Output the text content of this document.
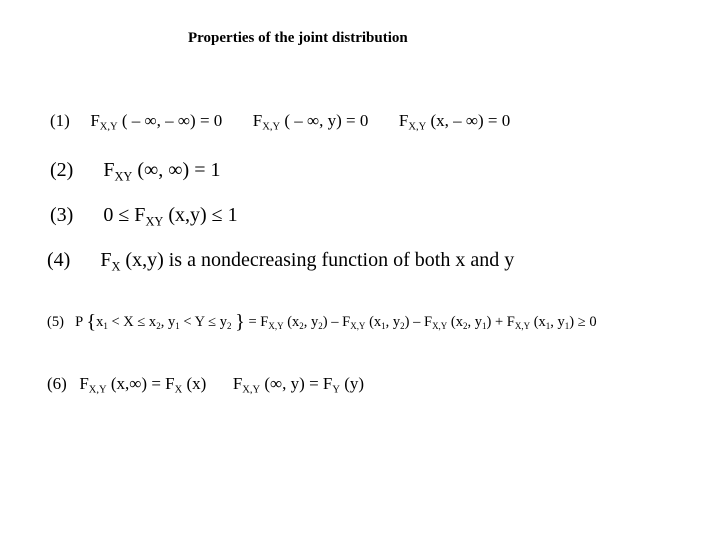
Properties of the joint distribution
(1) $F_{X,Y}$ ( – ∞, – ∞) = 0 $F_{X,Y}$ ( – ∞, y) = 0 $F_{X,Y}$ (x, – ∞) = 0
(2) $F_{XY}$ (∞, ∞) = 1
(3) $0 \le F_{XY}$ (x,y) ≤ 1
(4) $F_X$ (x,y) is a nondecreasing function of both x and y
(5) P {$x_1 < X \le x_2$, $y_1 < Y \le y_2$ } = $F_{X,Y}$ ($x_2$, $y_2) - F_{X,Y}$ ($x_1$, $y_2) - F_{X,Y}$ ($x_2$, $y_1) + F_{X,Y}$ ($x_1$, $y_1) \ge 0$
(6) $F_{X,Y}$ $(x,\infty) = F_X$ (x) $F_{X,Y}$ (∞, $y) = F_Y$ (y)
